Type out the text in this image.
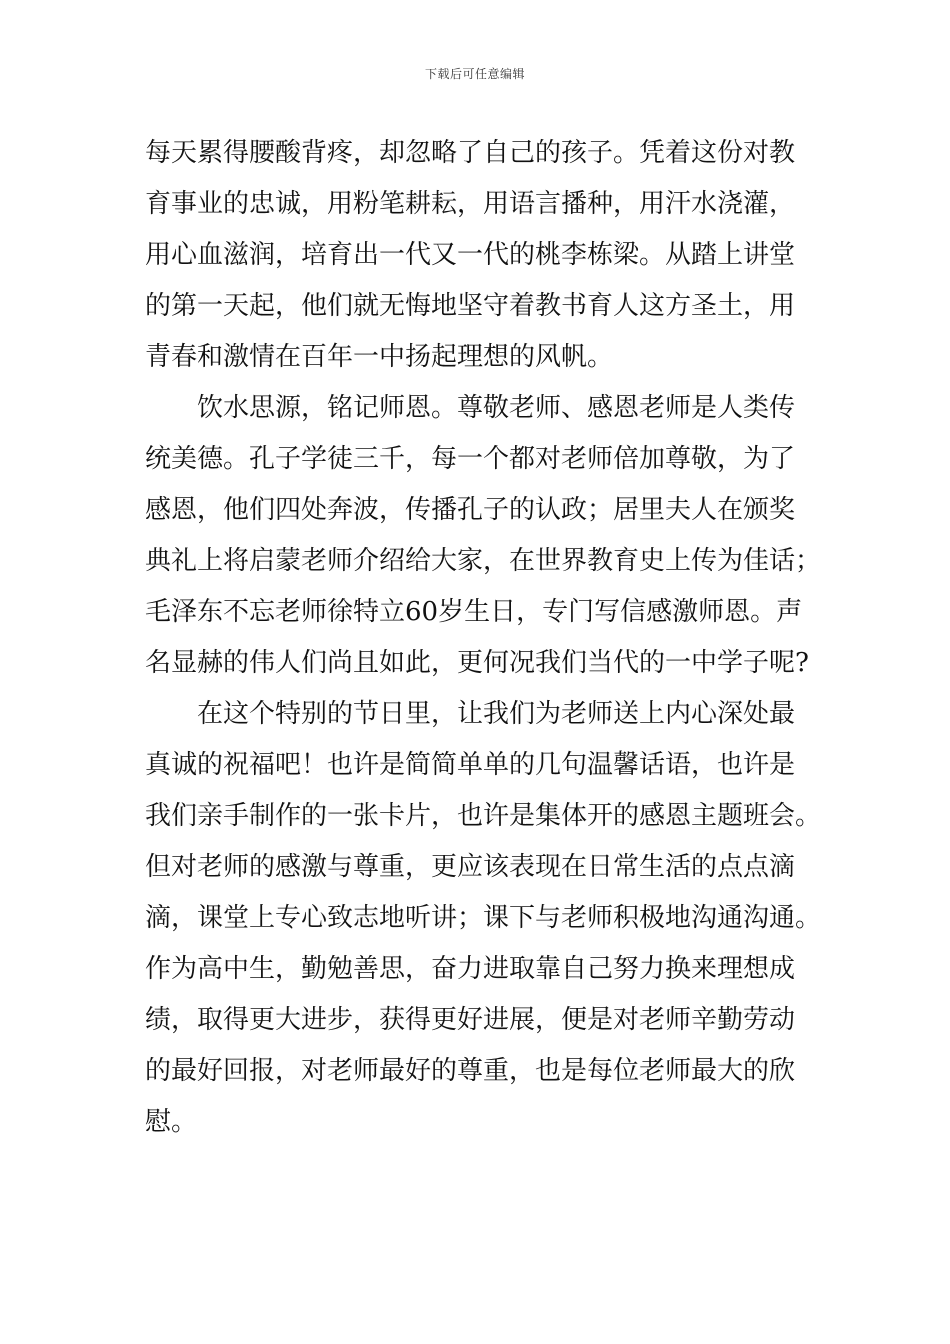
下载后可任意编辑
每天累得腰酸背疼，却忽略了自己的孩子。凭着这份对教
育事业的忠诚，用粉笔耕耘，用语言播种，用汗水浇灌，
用心血滋润，培育出一代又一代的桃李栋梁。从踏上讲堂
的第一天起，他们就无悔地坚守着教书育人这方圣土，用
青春和激情在百年一中扬起理想的风帆。
饮水思源，铭记师恩。尊敬老师、感恩老师是人类传
统美德。孔子学徒三千，每一个都对老师倍加尊敬，为了
感恩，他们四处奔波，传播孔子的认政；居里夫人在颁奖
典礼上将启蒙老师介绍给大家，在世界教育史上传为佳话；
毛泽东不忘老师徐特立60岁生日，专门写信感激师恩。声
名显赫的伟人们尚且如此，更何况我们当代的一中学子呢?
在这个特别的节日里，让我们为老师送上内心深处最
真诚的祝福吧！也许是简简单单的几句温馨话语，也许是
我们亲手制作的一张卡片，也许是集体开的感恩主题班会。
但对老师的感激与尊重，更应该表现在日常生活的点点滴
滴，课堂上专心致志地听讲；课下与老师积极地沟通沟通。
作为高中生，勤勉善思，奋力进取靠自己努力换来理想成
绩，取得更大进步，获得更好进展，便是对老师辛勤劳动
的最好回报，对老师最好的尊重，也是每位老师最大的欣
慰。
